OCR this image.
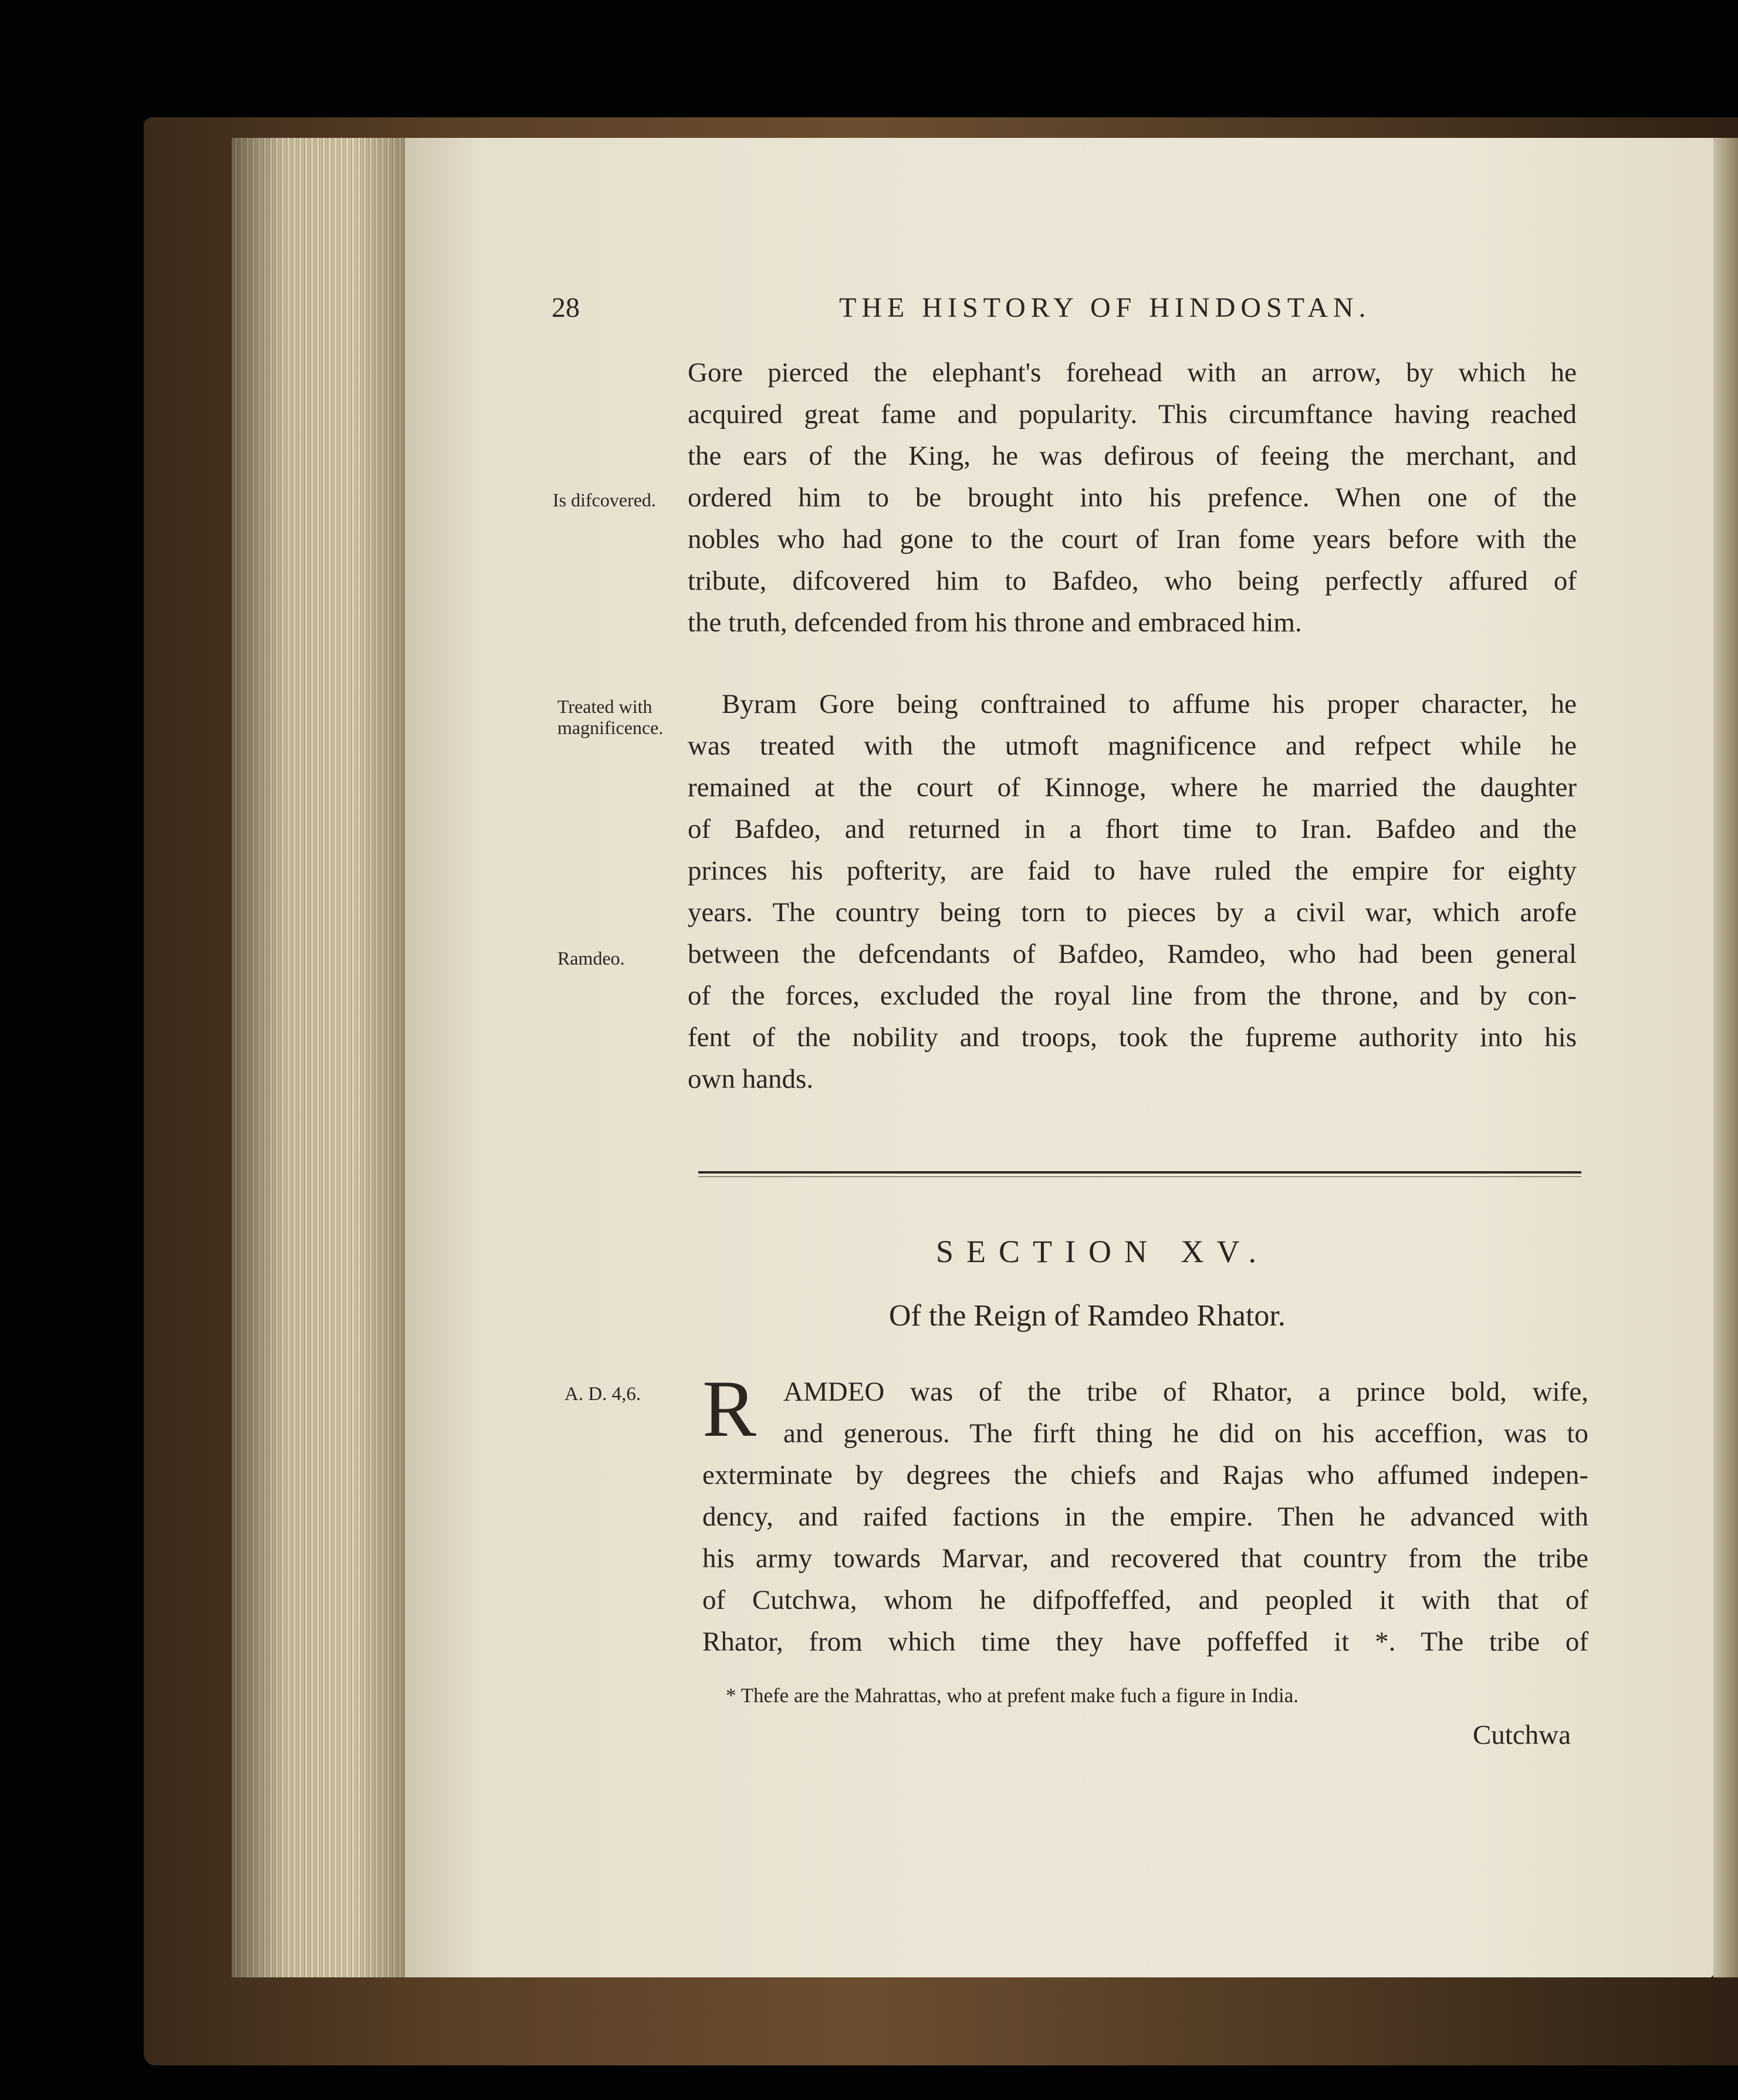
28	THE HISTORY OF HINDOSTAN.
Is difcovered.
Treated with
magnificence.
Ramdeo.
A. D. 4,6.
Gore pierced the elephant's forehead with an arrow, by which he
acquired great fame and popularity. This circumftance having reached
the ears of the King, he was defirous of feeing the merchant, and
ordered him to be brought into his prefence. When one of the
nobles who had gone to the court of Iran fome years before with the
tribute, difcovered him to Bafdeo, who being perfectly affured of
the truth, defcended from his throne and embraced him.
Byram Gore being conftrained to affume his proper character, he
was treated with the utmoft magnificence and refpect while he
remained at the court of Kinnoge, where he married the daughter
of Bafdeo, and returned in a fhort time to Iran. Bafdeo and the
princes his pofterity, are faid to have ruled the empire for eighty
years. The country being torn to pieces by a civil war, which arofe
between the defcendants of Bafdeo, Ramdeo, who had been general
of the forces, excluded the royal line from the throne, and by con-
fent of the nobility and troops, took the fupreme authority into his
own hands.
SECTION XV.
Of the Reign of Ramdeo Rhator.
R AMDEO was of the tribe of Rhator, a prince bold, wife,
and generous. The firft thing he did on his acceffion, was to
exterminate by degrees the chiefs and Rajas who affumed indepen-
dency, and raifed factions in the empire. Then he advanced with
his army towards Marvar, and recovered that country from the tribe
of Cutchwa, whom he difpoffeffed, and peopled it with that of
Rhator, from which time they have poffeffed it *. The tribe of
* Thefe are the Mahrattas, who at prefent make fuch a figure in India.
Cutchwa
